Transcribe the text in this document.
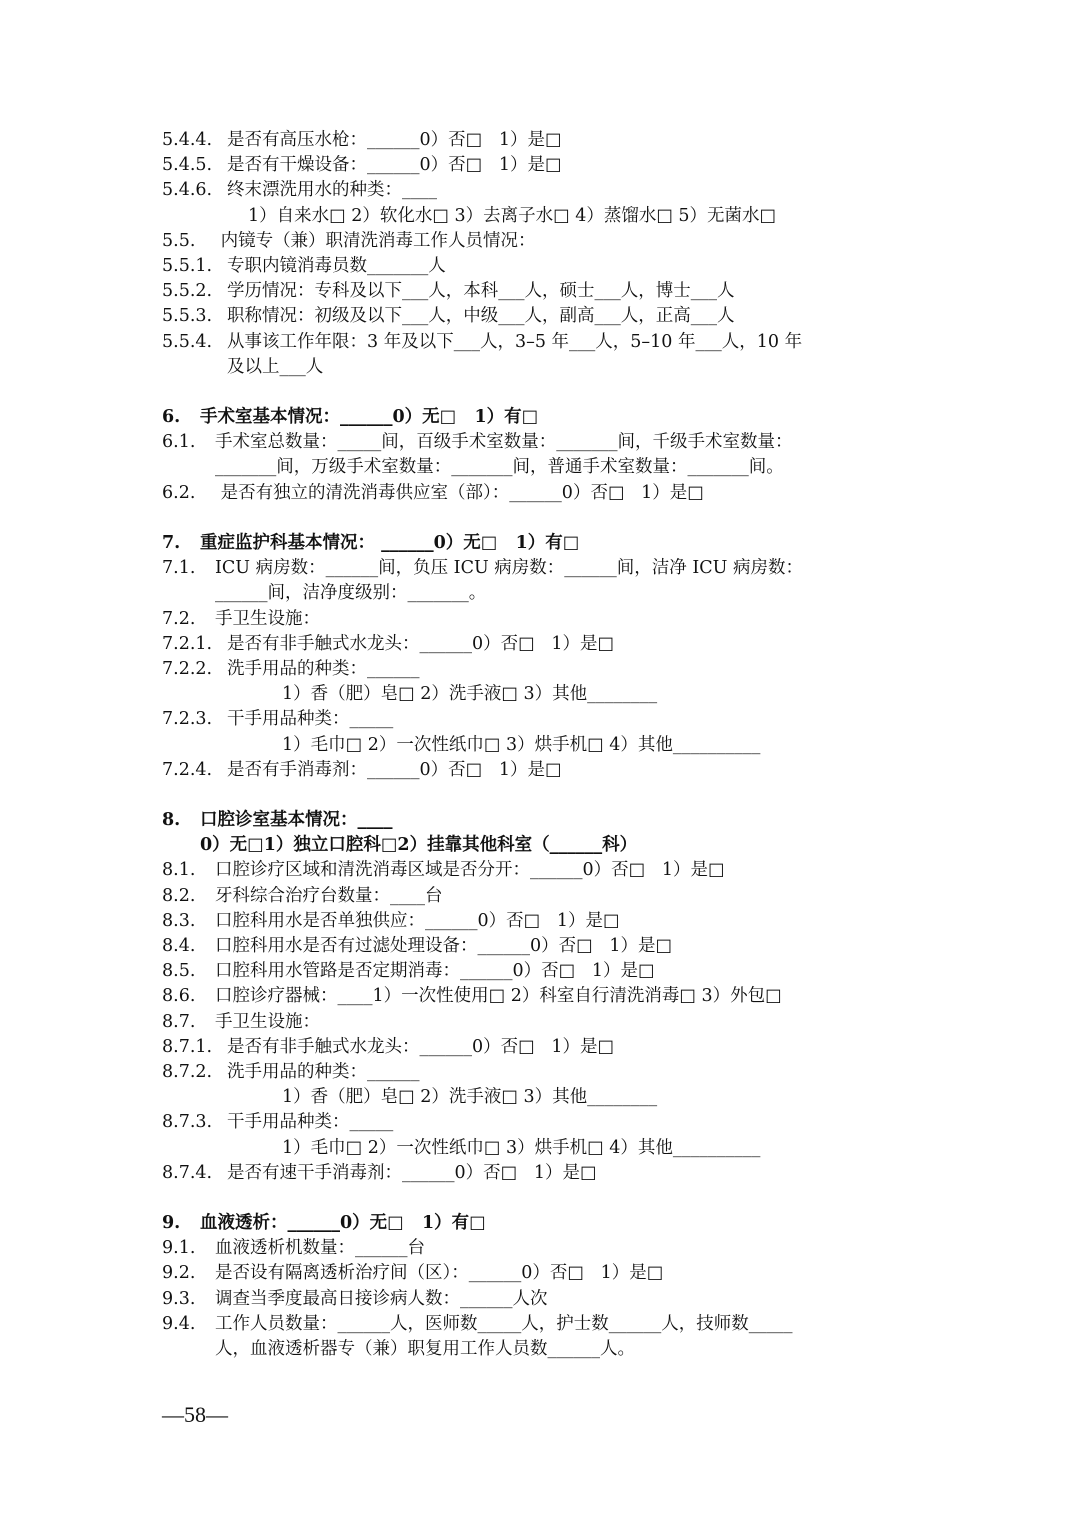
5.4.4. 是否有高压水枪：______0）否□   1）是□
5.4.5. 是否有干燥设备：______0）否□   1）是□
5.4.6. 终末漂洗用水的种类：____
1）自来水□ 2）软化水□ 3）去离子水□ 4）蒸馏水□ 5）无菌水□
5.5. 内镜专（兼）职清洗消毒工作人员情况：
5.5.1. 专职内镜消毒员数_______人
5.5.2. 学历情况：专科及以下___人，本科___人，硕士___人，博士___人
5.5.3. 职称情况：初级及以下___人，中级___人，副高___人，正高___人
5.5.4. 从事该工作年限：3 年及以下___人，3–5 年___人，5–10 年___人，10 年
及以上___人
6. 手术室基本情况：______0）无□   1）有□
6.1. 手术室总数量：_____间，百级手术室数量：_______间，千级手术室数量：
_______间，万级手术室数量：_______间，普通手术室数量：_______间。
6.2. 是否有独立的清洗消毒供应室（部）：______0）否□   1）是□
7. 重症监护科基本情况： ______0）无□   1）有□
7.1. ICU 病房数：______间，负压 ICU 病房数：______间，洁净 ICU 病房数：
______间，洁净度级别：_______。
7.2. 手卫生设施：
7.2.1. 是否有非手触式水龙头：______0）否□   1）是□
7.2.2. 洗手用品的种类：______
1）香（肥）皂□ 2）洗手液□ 3）其他________
7.2.3. 干手用品种类：_____
1）毛巾□ 2）一次性纸巾□ 3）烘手机□ 4）其他__________
7.2.4. 是否有手消毒剂：______0）否□   1）是□
8. 口腔诊室基本情况：____
0）无□1）独立口腔科□2）挂靠其他科室（______科）
8.1. 口腔诊疗区域和清洗消毒区域是否分开：______0）否□   1）是□
8.2. 牙科综合治疗台数量：____台
8.3. 口腔科用水是否单独供应：______0）否□   1）是□
8.4. 口腔科用水是否有过滤处理设备：______0）否□   1）是□
8.5. 口腔科用水管路是否定期消毒：______0）否□   1）是□
8.6. 口腔诊疗器械：____1）一次性使用□ 2）科室自行清洗消毒□ 3）外包□
8.7. 手卫生设施：
8.7.1. 是否有非手触式水龙头：______0）否□   1）是□
8.7.2. 洗手用品的种类：______
1）香（肥）皂□ 2）洗手液□ 3）其他________
8.7.3. 干手用品种类：_____
1）毛巾□ 2）一次性纸巾□ 3）烘手机□ 4）其他__________
8.7.4. 是否有速干手消毒剂：______0）否□   1）是□
9. 血液透析：______0）无□   1）有□
9.1. 血液透析机数量：______台
9.2. 是否设有隔离透析治疗间（区）：______0）否□   1）是□
9.3. 调查当季度最高日接诊病人数：______人次
9.4. 工作人员数量：______人，医师数_____人，护士数______人，技师数_____
人，血液透析器专（兼）职复用工作人员数______人。
—58—
